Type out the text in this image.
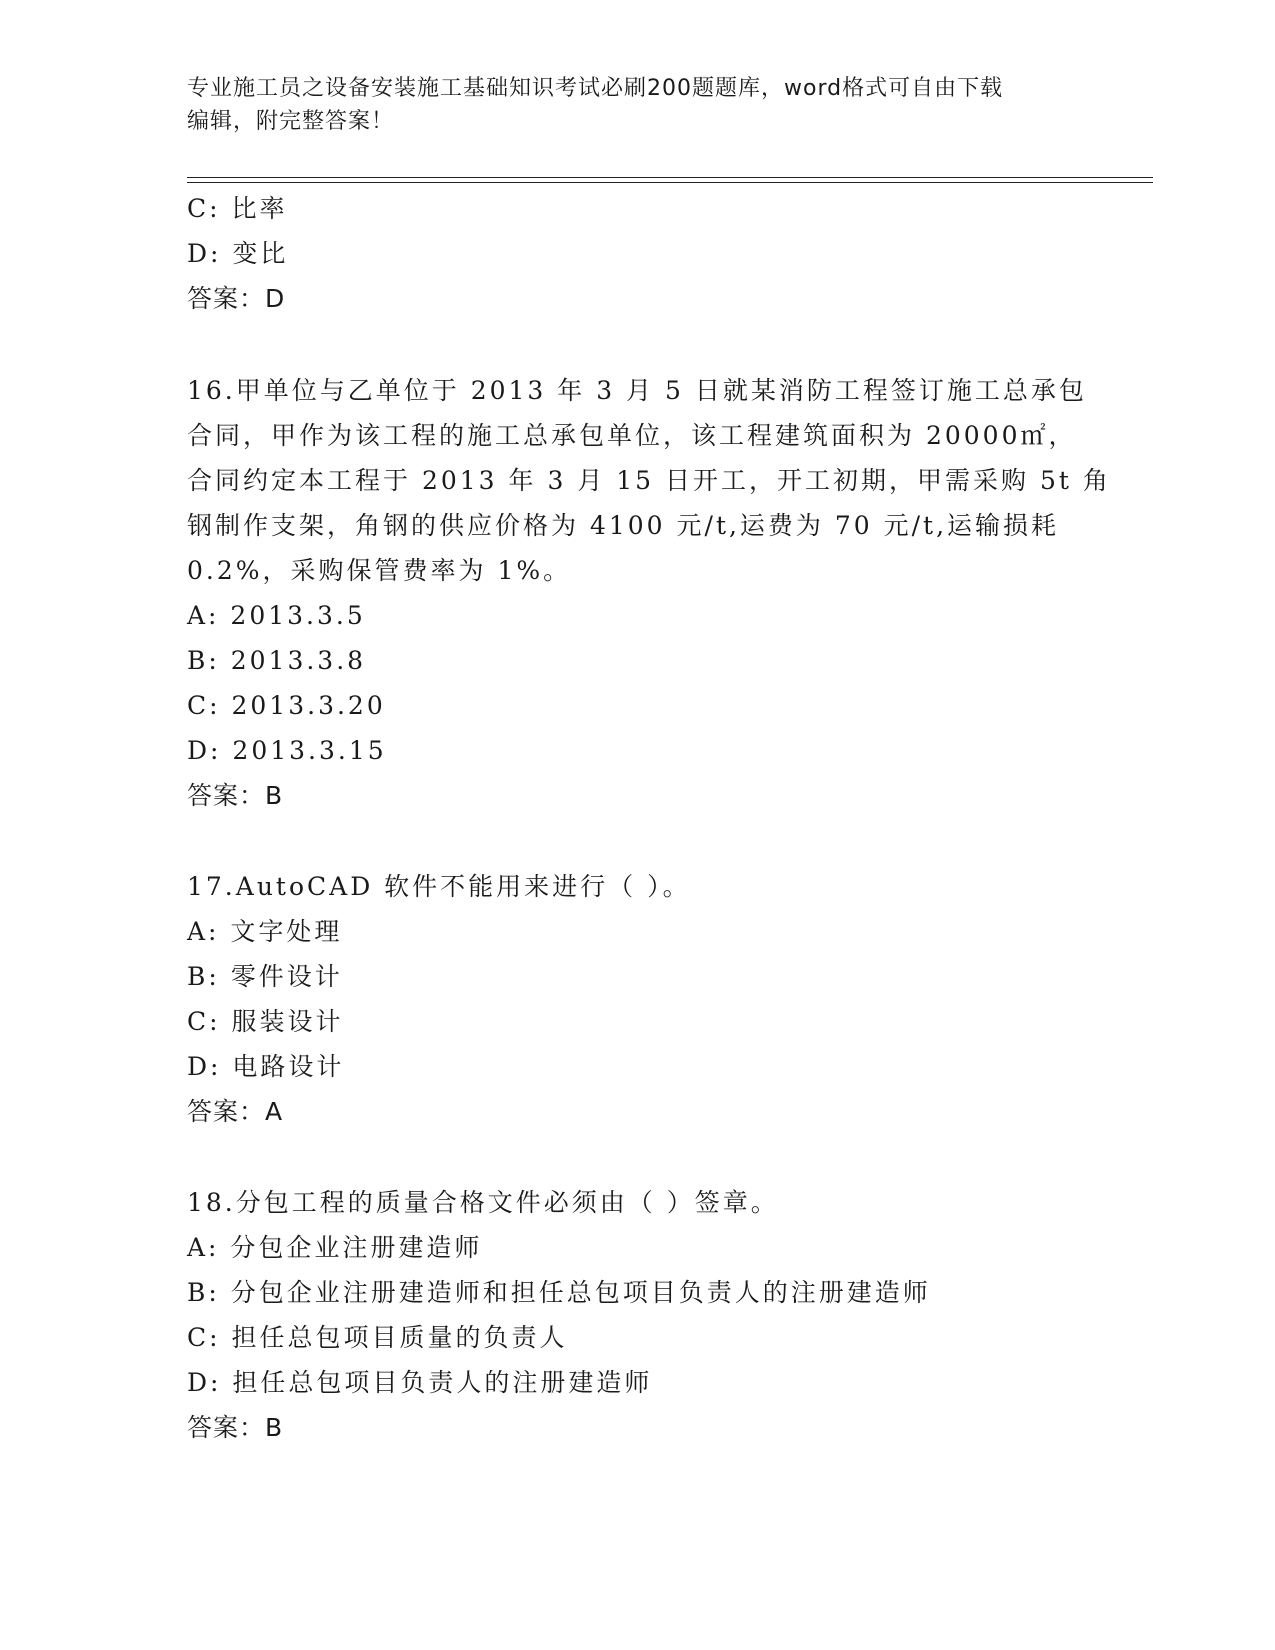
专业施工员之设备安装施工基础知识考试必刷200题题库，word格式可自由下载
编辑，附完整答案！
C: 比率
D: 变比
答案：D
16.甲单位与乙单位于 2013 年 3 月 5 日就某消防工程签订施工总承包
合同，甲作为该工程的施工总承包单位，该工程建筑面积为 20000㎡，
合同约定本工程于 2013 年 3 月 15 日开工，开工初期，甲需采购 5t 角
钢制作支架，角钢的供应价格为 4100 元/t,运费为 70 元/t,运输损耗
0.2%，采购保管费率为 1%。
A: 2013.3.5
B: 2013.3.8
C: 2013.3.20
D: 2013.3.15
答案：B
17.AutoCAD 软件不能用来进行（ ）。
A: 文字处理
B: 零件设计
C: 服装设计
D: 电路设计
答案：A
18.分包工程的质量合格文件必须由（ ）签章。
A: 分包企业注册建造师
B: 分包企业注册建造师和担任总包项目负责人的注册建造师
C: 担任总包项目质量的负责人
D: 担任总包项目负责人的注册建造师
答案：B
